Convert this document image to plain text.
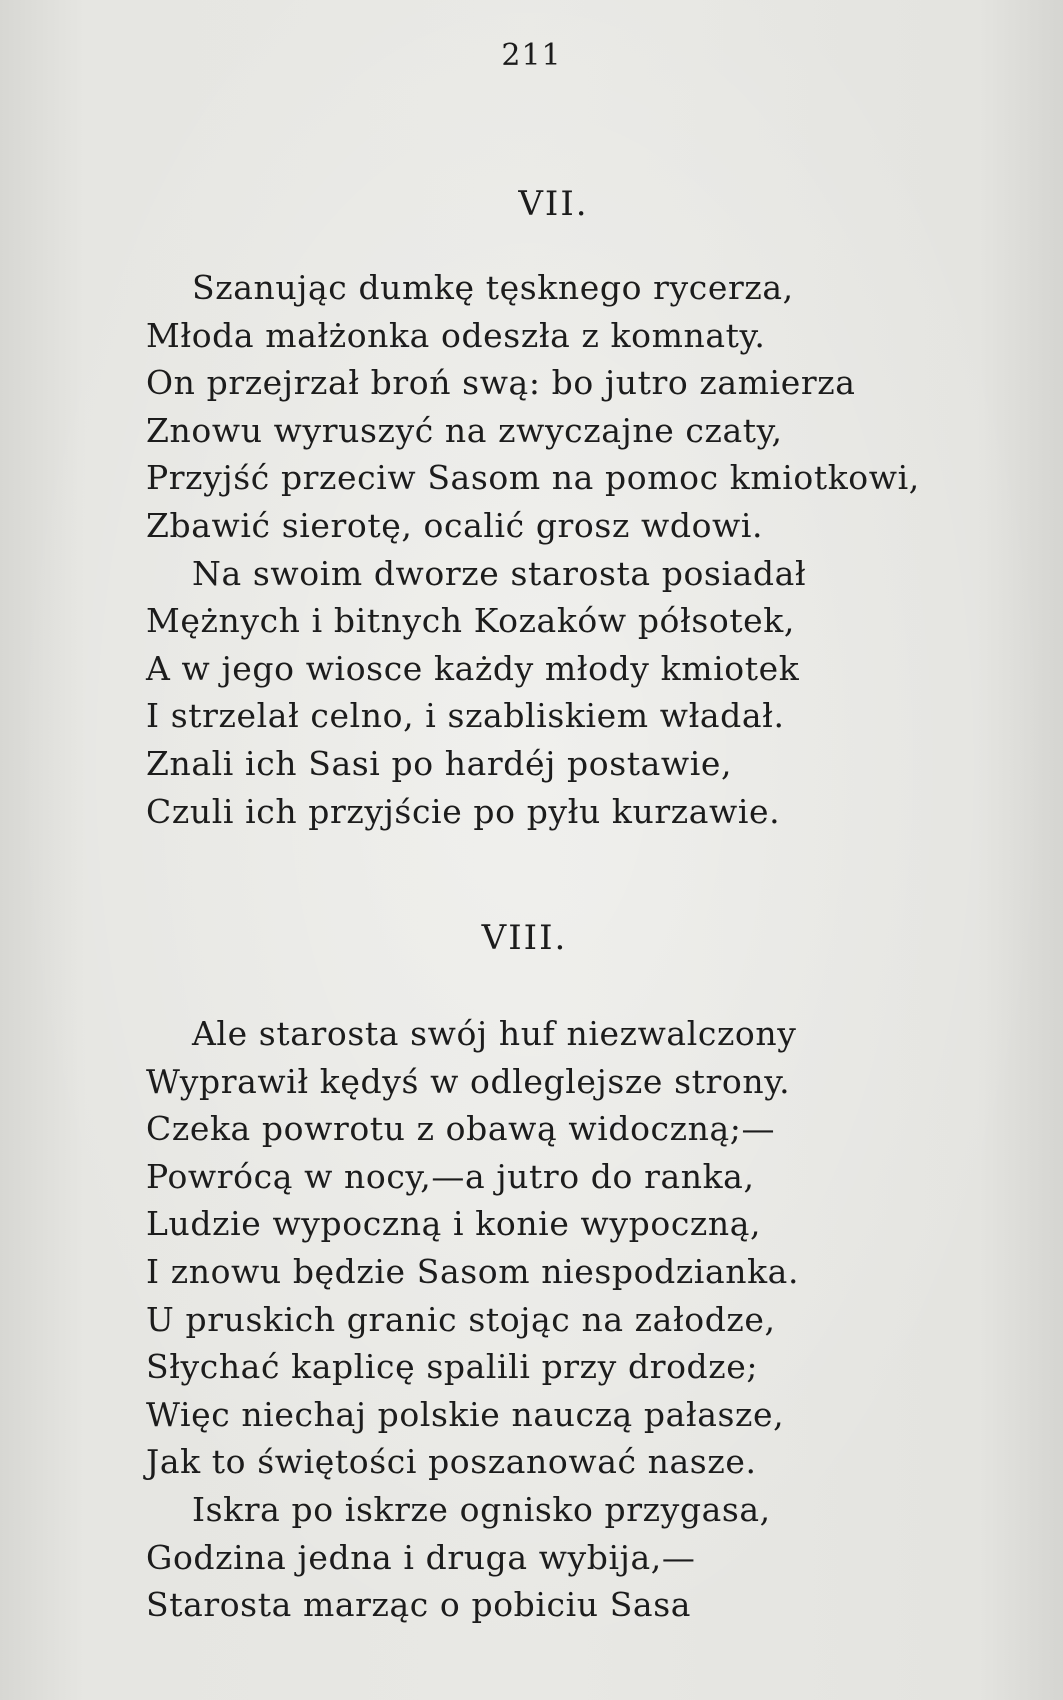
211
VII.
Szanując dumkę tęsknego rycerza,
Młoda małżonka odeszła z komnaty.
On przejrzał broń swą: bo jutro zamierza
Znowu wyruszyć na zwyczajne czaty,
Przyjść przeciw Sasom na pomoc kmiotkowi,
Zbawić sierotę, ocalić grosz wdowi.
Na swoim dworze starosta posiadał
Mężnych i bitnych Kozaków półsotek,
A w jego wiosce każdy młody kmiotek
I strzelał celno, i szabliskiem władał.
Znali ich Sasi po hardéj postawie,
Czuli ich przyjście po pyłu kurzawie.
VIII.
Ale starosta swój huf niezwalczony
Wyprawił kędyś w odleglejsze strony.
Czeka powrotu z obawą widoczną;—
Powrócą w nocy,—a jutro do ranka,
Ludzie wypoczną i konie wypoczną,
I znowu będzie Sasom niespodzianka.
U pruskich granic stojąc na załodze,
Słychać kaplicę spalili przy drodze;
Więc niechaj polskie nauczą pałasze,
Jak to świętości poszanować nasze.
Iskra po iskrze ognisko przygasa,
Godzina jedna i druga wybija,—
Starosta marząc o pobiciu Sasa
